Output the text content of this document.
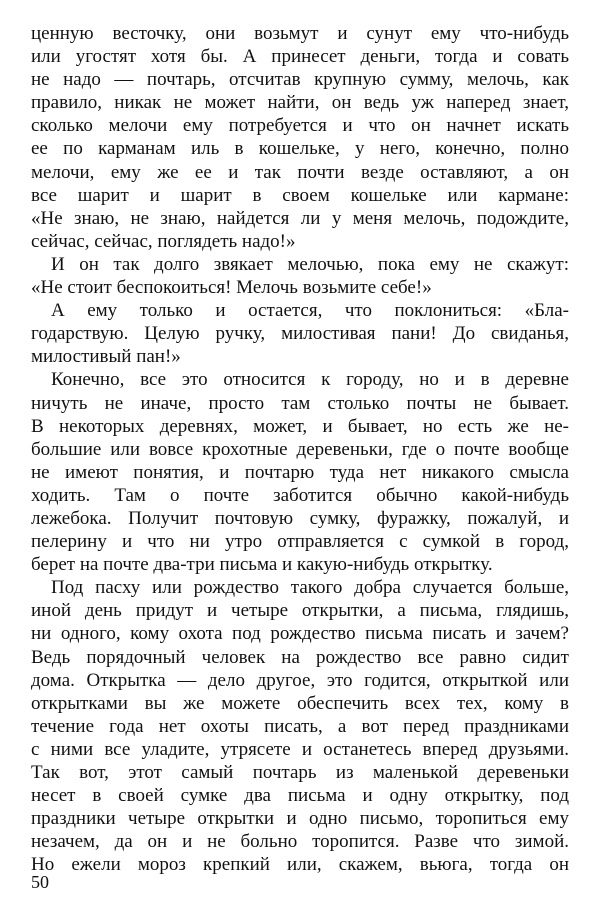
ценную весточку, они возьмут и сунут ему что-нибудь
или угостят хотя бы. А принесет деньги, тогда и совать
не надо — почтарь, отсчитав крупную сумму, мелочь, как
правило, никак не может найти, он ведь уж наперед знает,
сколько мелочи ему потребуется и что он начнет искать
ее по карманам иль в кошельке, у него, конечно, полно
мелочи, ему же ее и так почти везде оставляют, а он
все шарит и шарит в своем кошельке или кармане:
«Не знаю, не знаю, найдется ли у меня мелочь, подождите,
сейчас, сейчас, поглядеть надо!»
И он так долго звякает мелочью, пока ему не скажут:
«Не стоит беспокоиться! Мелочь возьмите себе!»
А ему только и остается, что поклониться: «Бла-
годарствую. Целую ручку, милостивая пани! До свиданья,
милостивый пан!»
Конечно, все это относится к городу, но и в деревне
ничуть не иначе, просто там столько почты не бывает.
В некоторых деревнях, может, и бывает, но есть же не-
большие или вовсе крохотные деревеньки, где о почте вообще
не имеют понятия, и почтарю туда нет никакого смысла
ходить. Там о почте заботится обычно какой-нибудь
лежебока. Получит почтовую сумку, фуражку, пожалуй, и
пелерину и что ни утро отправляется с сумкой в город,
берет на почте два-три письма и какую-нибудь открытку.
Под пасху или рождество такого добра случается больше,
иной день придут и четыре открытки, а письма, глядишь,
ни одного, кому охота под рождество письма писать и зачем?
Ведь порядочный человек на рождество все равно сидит
дома. Открытка — дело другое, это годится, открыткой или
открытками вы же можете обеспечить всех тех, кому в
течение года нет охоты писать, а вот перед праздниками
с ними все уладите, утрясете и останетесь вперед друзьями.
Так вот, этот самый почтарь из маленькой деревеньки
несет в своей сумке два письма и одну открытку, под
праздники четыре открытки и одно письмо, торопиться ему
незачем, да он и не больно торопится. Разве что зимой.
Но ежели мороз крепкий или, скажем, вьюга, тогда он
50
